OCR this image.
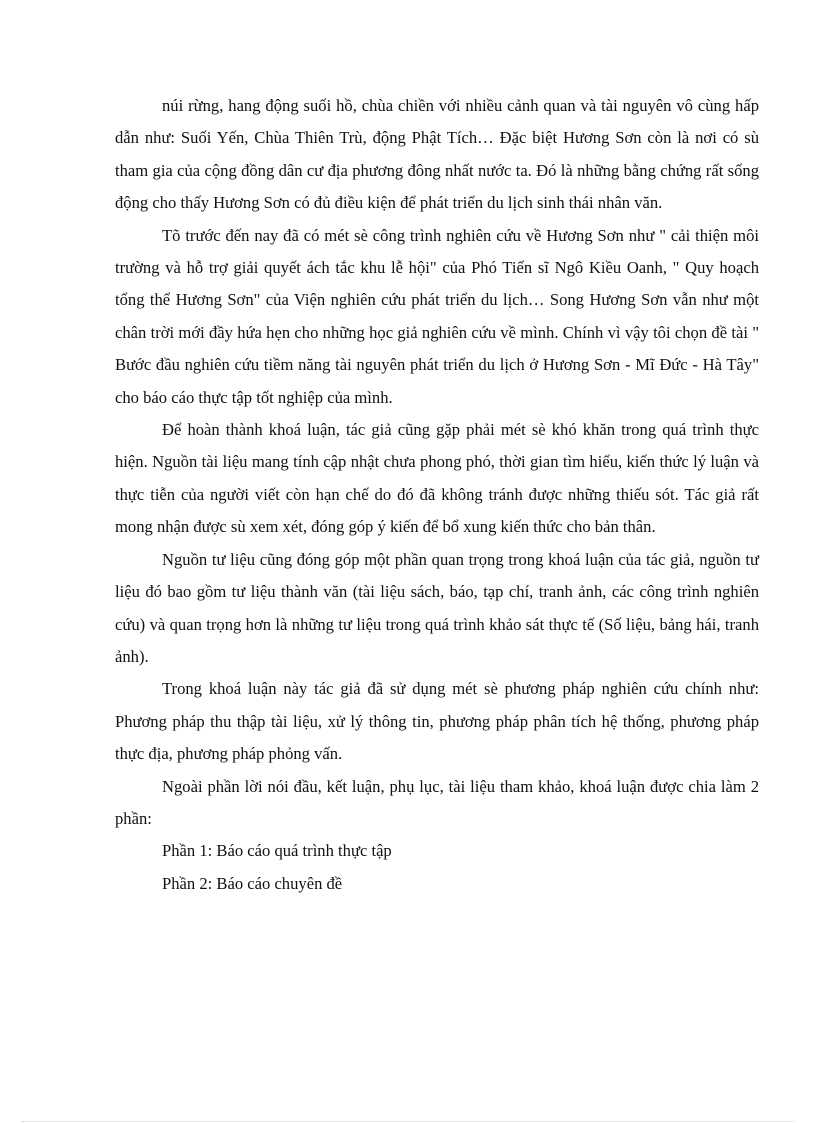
núi rừng, hang động suối hồ, chùa chiền với nhiều cảnh quan và tài nguyên vô cùng hấp dẫn như: Suối Yến, Chùa Thiên Trù, động Phật Tích… Đặc biệt Hương Sơn còn là nơi có sù tham gia của cộng đồng dân cư địa phương đông nhất nước ta. Đó là những bằng chứng rất sống động cho thấy Hương Sơn có đủ điều kiện để phát triển du lịch sinh thái nhân văn.

Tõ trước đến nay đã có mét sè công trình nghiên cứu về Hương Sơn như " cải thiện môi trường và hỗ trợ giải quyết ách tắc khu lễ hội" của Phó Tiến sĩ Ngô Kiều Oanh, " Quy hoạch tổng thể Hương Sơn" của Viện nghiên cứu phát triển du lịch… Song Hương Sơn vẫn như một chân trời mới đầy hứa hẹn cho những học giả nghiên cứu về mình. Chính vì vậy tôi chọn đề tài " Bước đầu nghiên cứu tiềm năng tài nguyên phát triển du lịch ở Hương Sơn - Mĩ Đức - Hà Tây" cho báo cáo thực tập tốt nghiệp của mình.

Để hoàn thành khoá luận, tác giả cũng gặp phải mét sè khó khăn trong quá trình thực hiện. Nguồn tài liệu mang tính cập nhật chưa phong phó, thời gian tìm hiểu, kiến thức lý luận và thực tiễn của người viết còn hạn chế do đó đã không tránh được những thiếu sót. Tác giả rất mong nhận được sù xem xét, đóng góp ý kiến để bổ xung kiến thức cho bản thân.

Nguồn tư liệu cũng đóng góp một phần quan trọng trong khoá luận của tác giả, nguồn tư liệu đó bao gồm tư liệu thành văn (tài liệu sách, báo, tạp chí, tranh ảnh, các công trình nghiên cứu) và quan trọng hơn là những tư liệu trong quá trình khảo sát thực tế (Số liệu, bảng hái, tranh ảnh).

Trong khoá luận này tác giả đã sử dụng mét sè phương pháp nghiên cứu chính như: Phương pháp thu thập tài liệu, xử lý thông tin, phương pháp phân tích hệ thống, phương pháp thực địa, phương pháp phỏng vấn.

Ngoài phần lời nói đầu, kết luận, phụ lục, tài liệu tham khảo, khoá luận được chia làm 2 phần:

Phần 1: Báo cáo quá trình thực tập

Phần 2: Báo cáo chuyên đề
